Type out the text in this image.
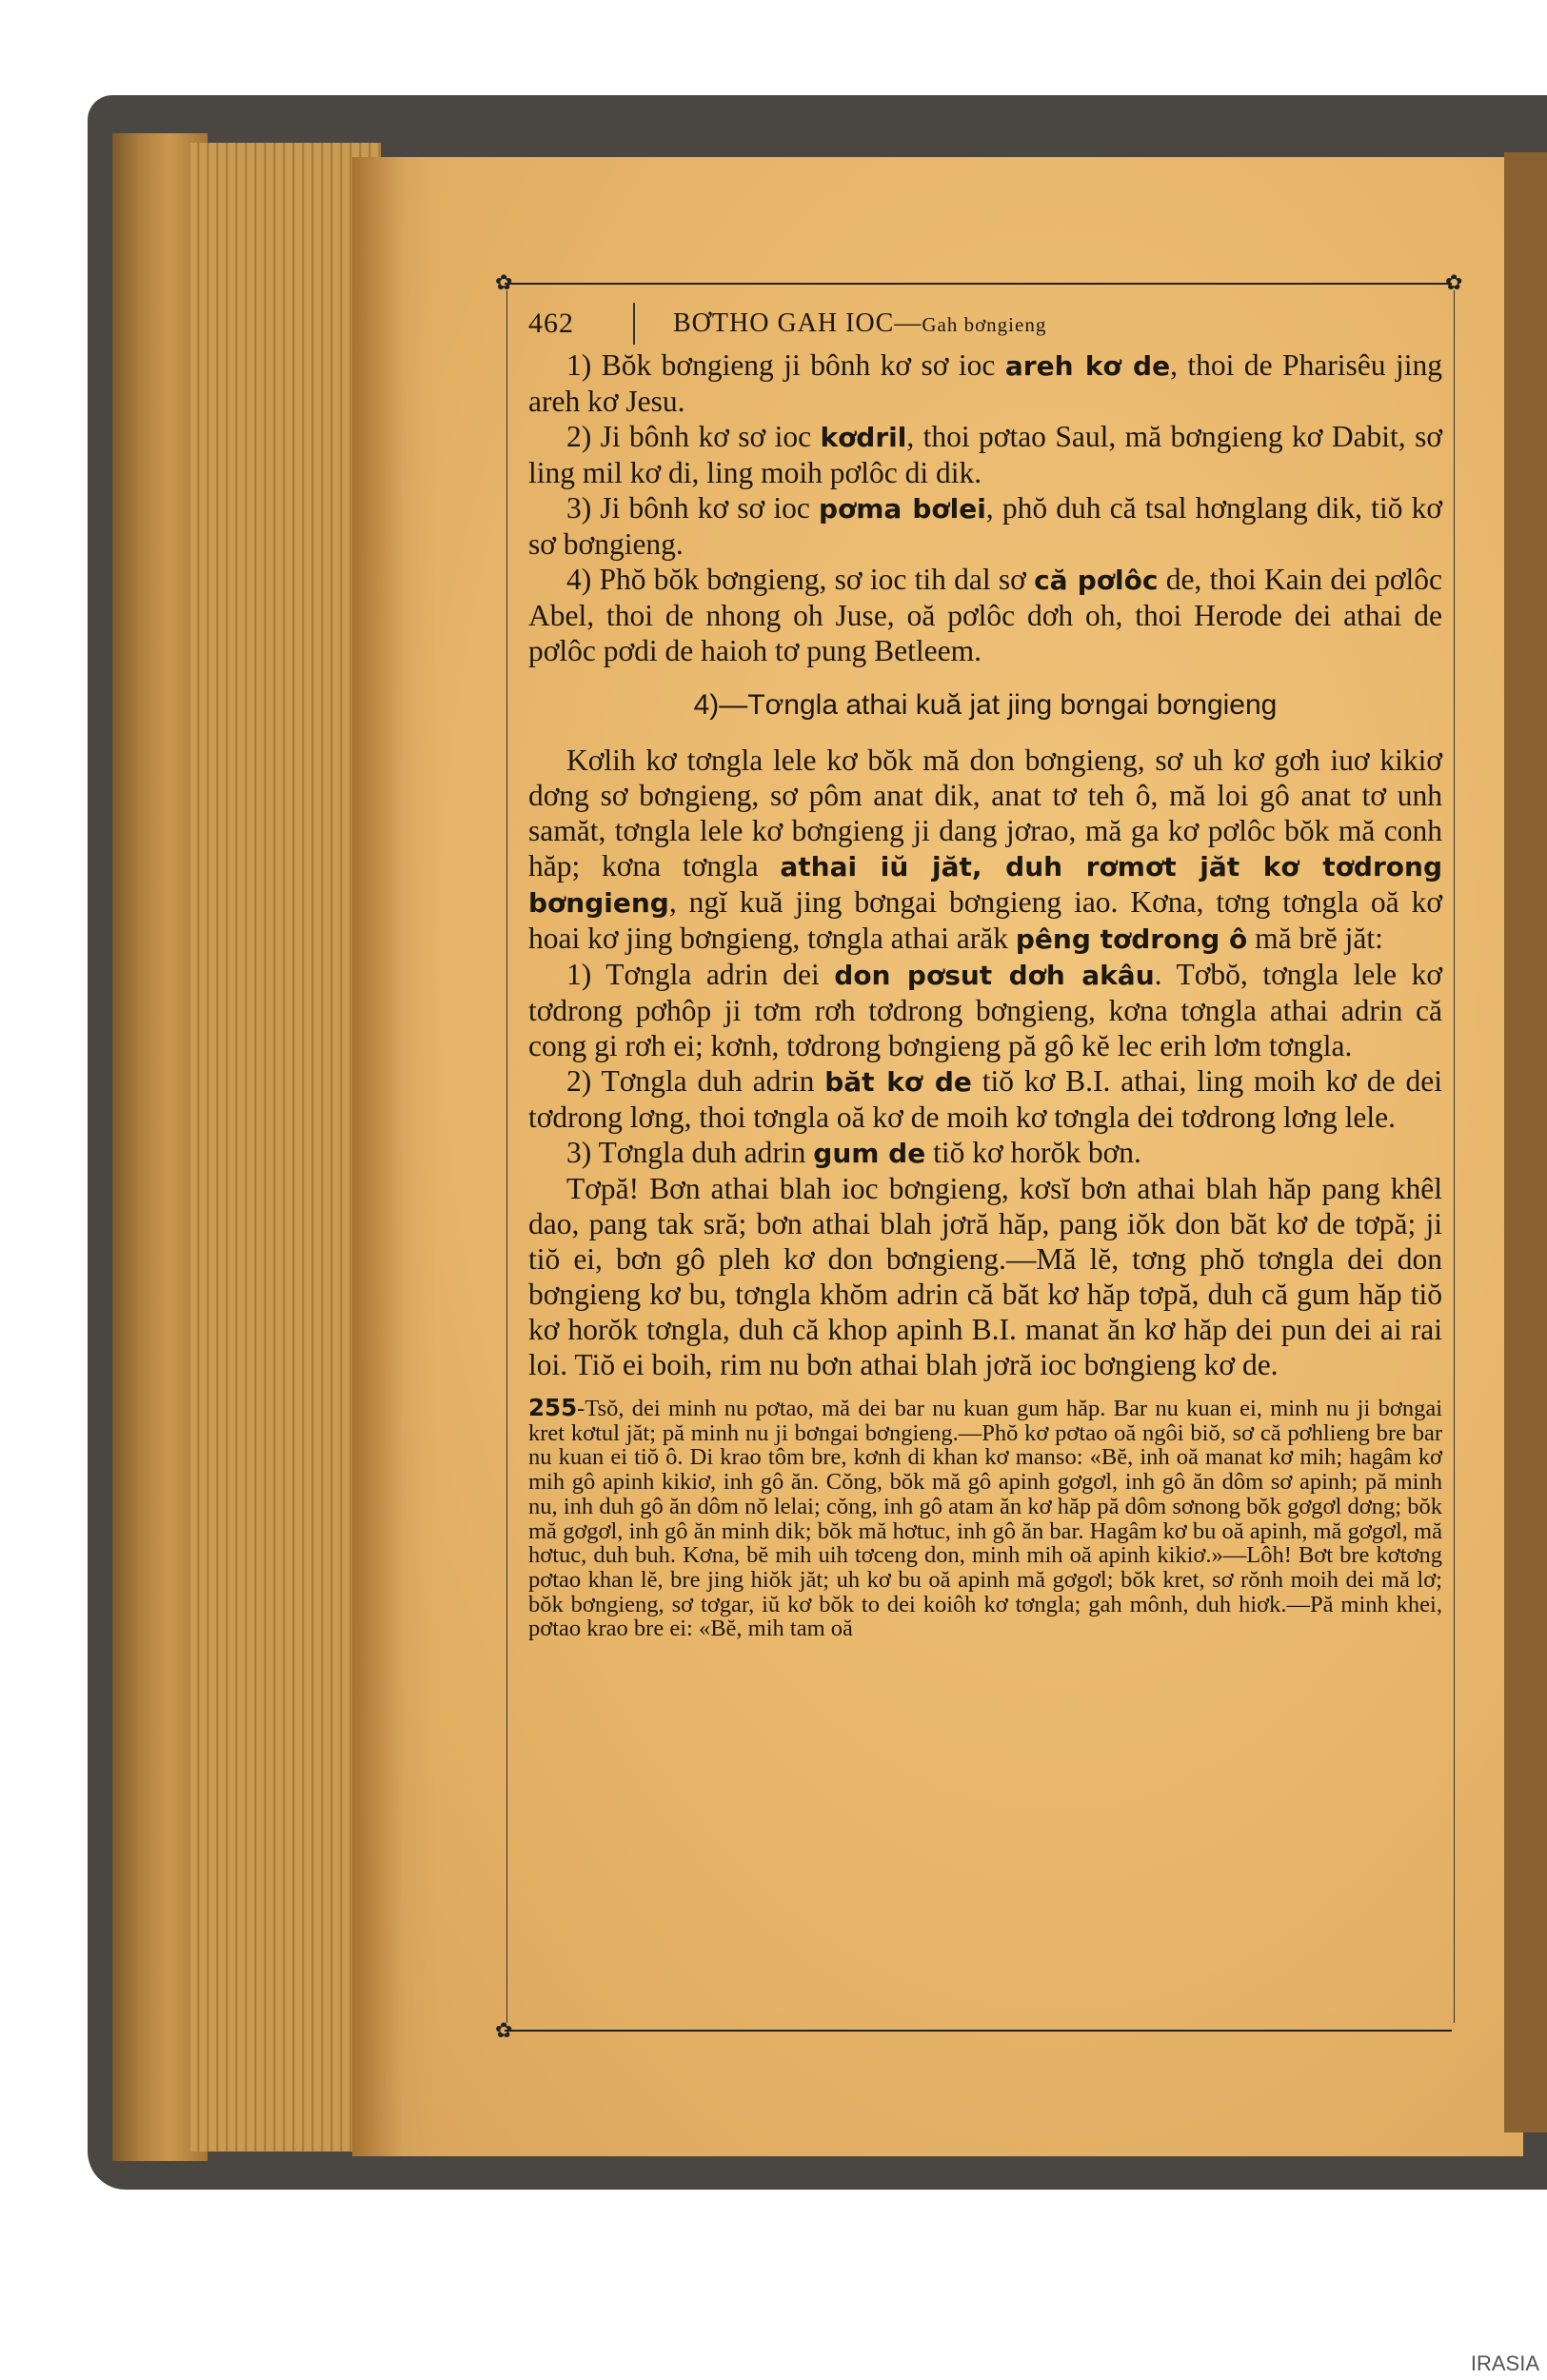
✿	✿
✿
462	BƠTHO GAH IOC—Gah bơngieng

1) Bŏk bơngieng ji bônh kơ sơ ioc areh kơ de, thoi de Pharisêu jing areh kơ Jesu.

2) Ji bônh kơ sơ ioc kơdril, thoi pơtao Saul, mă bơngieng kơ Dabit, sơ ling mil kơ di, ling moih pơlôc di dik.

3) Ji bônh kơ sơ ioc pơma bơlei, phŏ duh că tsal hơnglang dik, tiŏ kơ sơ bơngieng.

4) Phŏ bŏk bơngieng, sơ ioc tih dal sơ că pơlôc de, thoi Kain dei pơlôc Abel, thoi de nhong oh Juse, oă pơlôc dơh oh, thoi Herode dei athai de pơlôc pơdi de haioh tơ pung Betleem.

4)—Tơngla athai kuă jat jing bơngai bơngieng

Kơlih kơ tơngla lele kơ bŏk mă don bơngieng, sơ uh kơ gơh iuơ kikiơ dơng sơ bơngieng, sơ pôm anat dik, anat tơ teh ô, mă loi gô anat tơ unh samăt, tơngla lele kơ bơngieng ji dang jơrao, mă ga kơ pơlôc bŏk mă conh hăp; kơna tơngla athai iŭ jăt, duh rơmơt jăt kơ tơdrong bơngieng, ngĭ kuă jing bơngai bơngieng iao. Kơna, tơng tơngla oă kơ hoai kơ jing bơngieng, tơngla athai arăk pêng tơdrong ô mă brĕ jăt:

1) Tơngla adrin dei don pơsut dơh akâu. Tơbŏ, tơngla lele kơ tơdrong pơhôp ji tơm rơh tơdrong bơngieng, kơna tơngla athai adrin că cong gi rơh ei; kơnh, tơdrong bơngieng pă gô kĕ lec erih lơm tơngla.

2) Tơngla duh adrin băt kơ de tiŏ kơ B.I. athai, ling moih kơ de dei tơdrong lơng, thoi tơngla oă kơ de moih kơ tơngla dei tơdrong lơng lele.

3) Tơngla duh adrin gum de tiŏ kơ horŏk bơn.

Tơpă! Bơn athai blah ioc bơngieng, kơsĭ bơn athai blah hăp pang khêl dao, pang tak sră; bơn athai blah jơră hăp, pang iŏk don băt kơ de tơpă; ji tiŏ ei, bơn gô pleh kơ don bơngieng.—Mă lĕ, tơng phŏ tơngla dei don bơngieng kơ bu, tơngla khŏm adrin că băt kơ hăp tơpă, duh că gum hăp tiŏ kơ horŏk tơngla, duh că khop apinh B.I. manat ăn kơ hăp dei pun dei ai rai loi. Tiŏ ei boih, rim nu bơn athai blah jơră ioc bơngieng kơ de.

255-Tsŏ, dei minh nu pơtao, mă dei bar nu kuan gum hăp. Bar nu kuan ei, minh nu ji bơngai kret kơtul jăt; pă minh nu ji bơngai bơngieng.—Phŏ kơ pơtao oă ngôi biŏ, sơ că pơhlieng bre bar nu kuan ei tiŏ ô. Di krao tôm bre, kơnh di khan kơ manso: «Bĕ, inh oă manat kơ mih; hagâm kơ mih gô apinh kikiơ, inh gô ăn. Cŏng, bŏk mă gô apinh gơgơl, inh gô ăn dôm sơ apinh; pă minh nu, inh duh gô ăn dôm nŏ lelai; cŏng, inh gô atam ăn kơ hăp pă dôm sơnong bŏk gơgơl dơng; bŏk mă gơgơl, inh gô ăn minh dik; bŏk mă hơtuc, inh gô ăn bar. Hagâm kơ bu oă apinh, mă gơgơl, mă hơtuc, duh buh. Kơna, bĕ mih uih tơceng don, minh mih oă apinh kikiơ.»—Lôh! Bơt bre kơtơng pơtao khan lĕ, bre jing hiŏk jăt; uh kơ bu oă apinh mă gơgơl; bŏk kret, sơ rŏnh moih dei mă lơ; bŏk bơngieng, sơ tơgar, iŭ kơ bŏk to dei koiôh kơ tơngla; gah mônh, duh hiơk.—Pă minh khei, pơtao krao bre ei: «Bĕ, mih tam oă

IRASIA
